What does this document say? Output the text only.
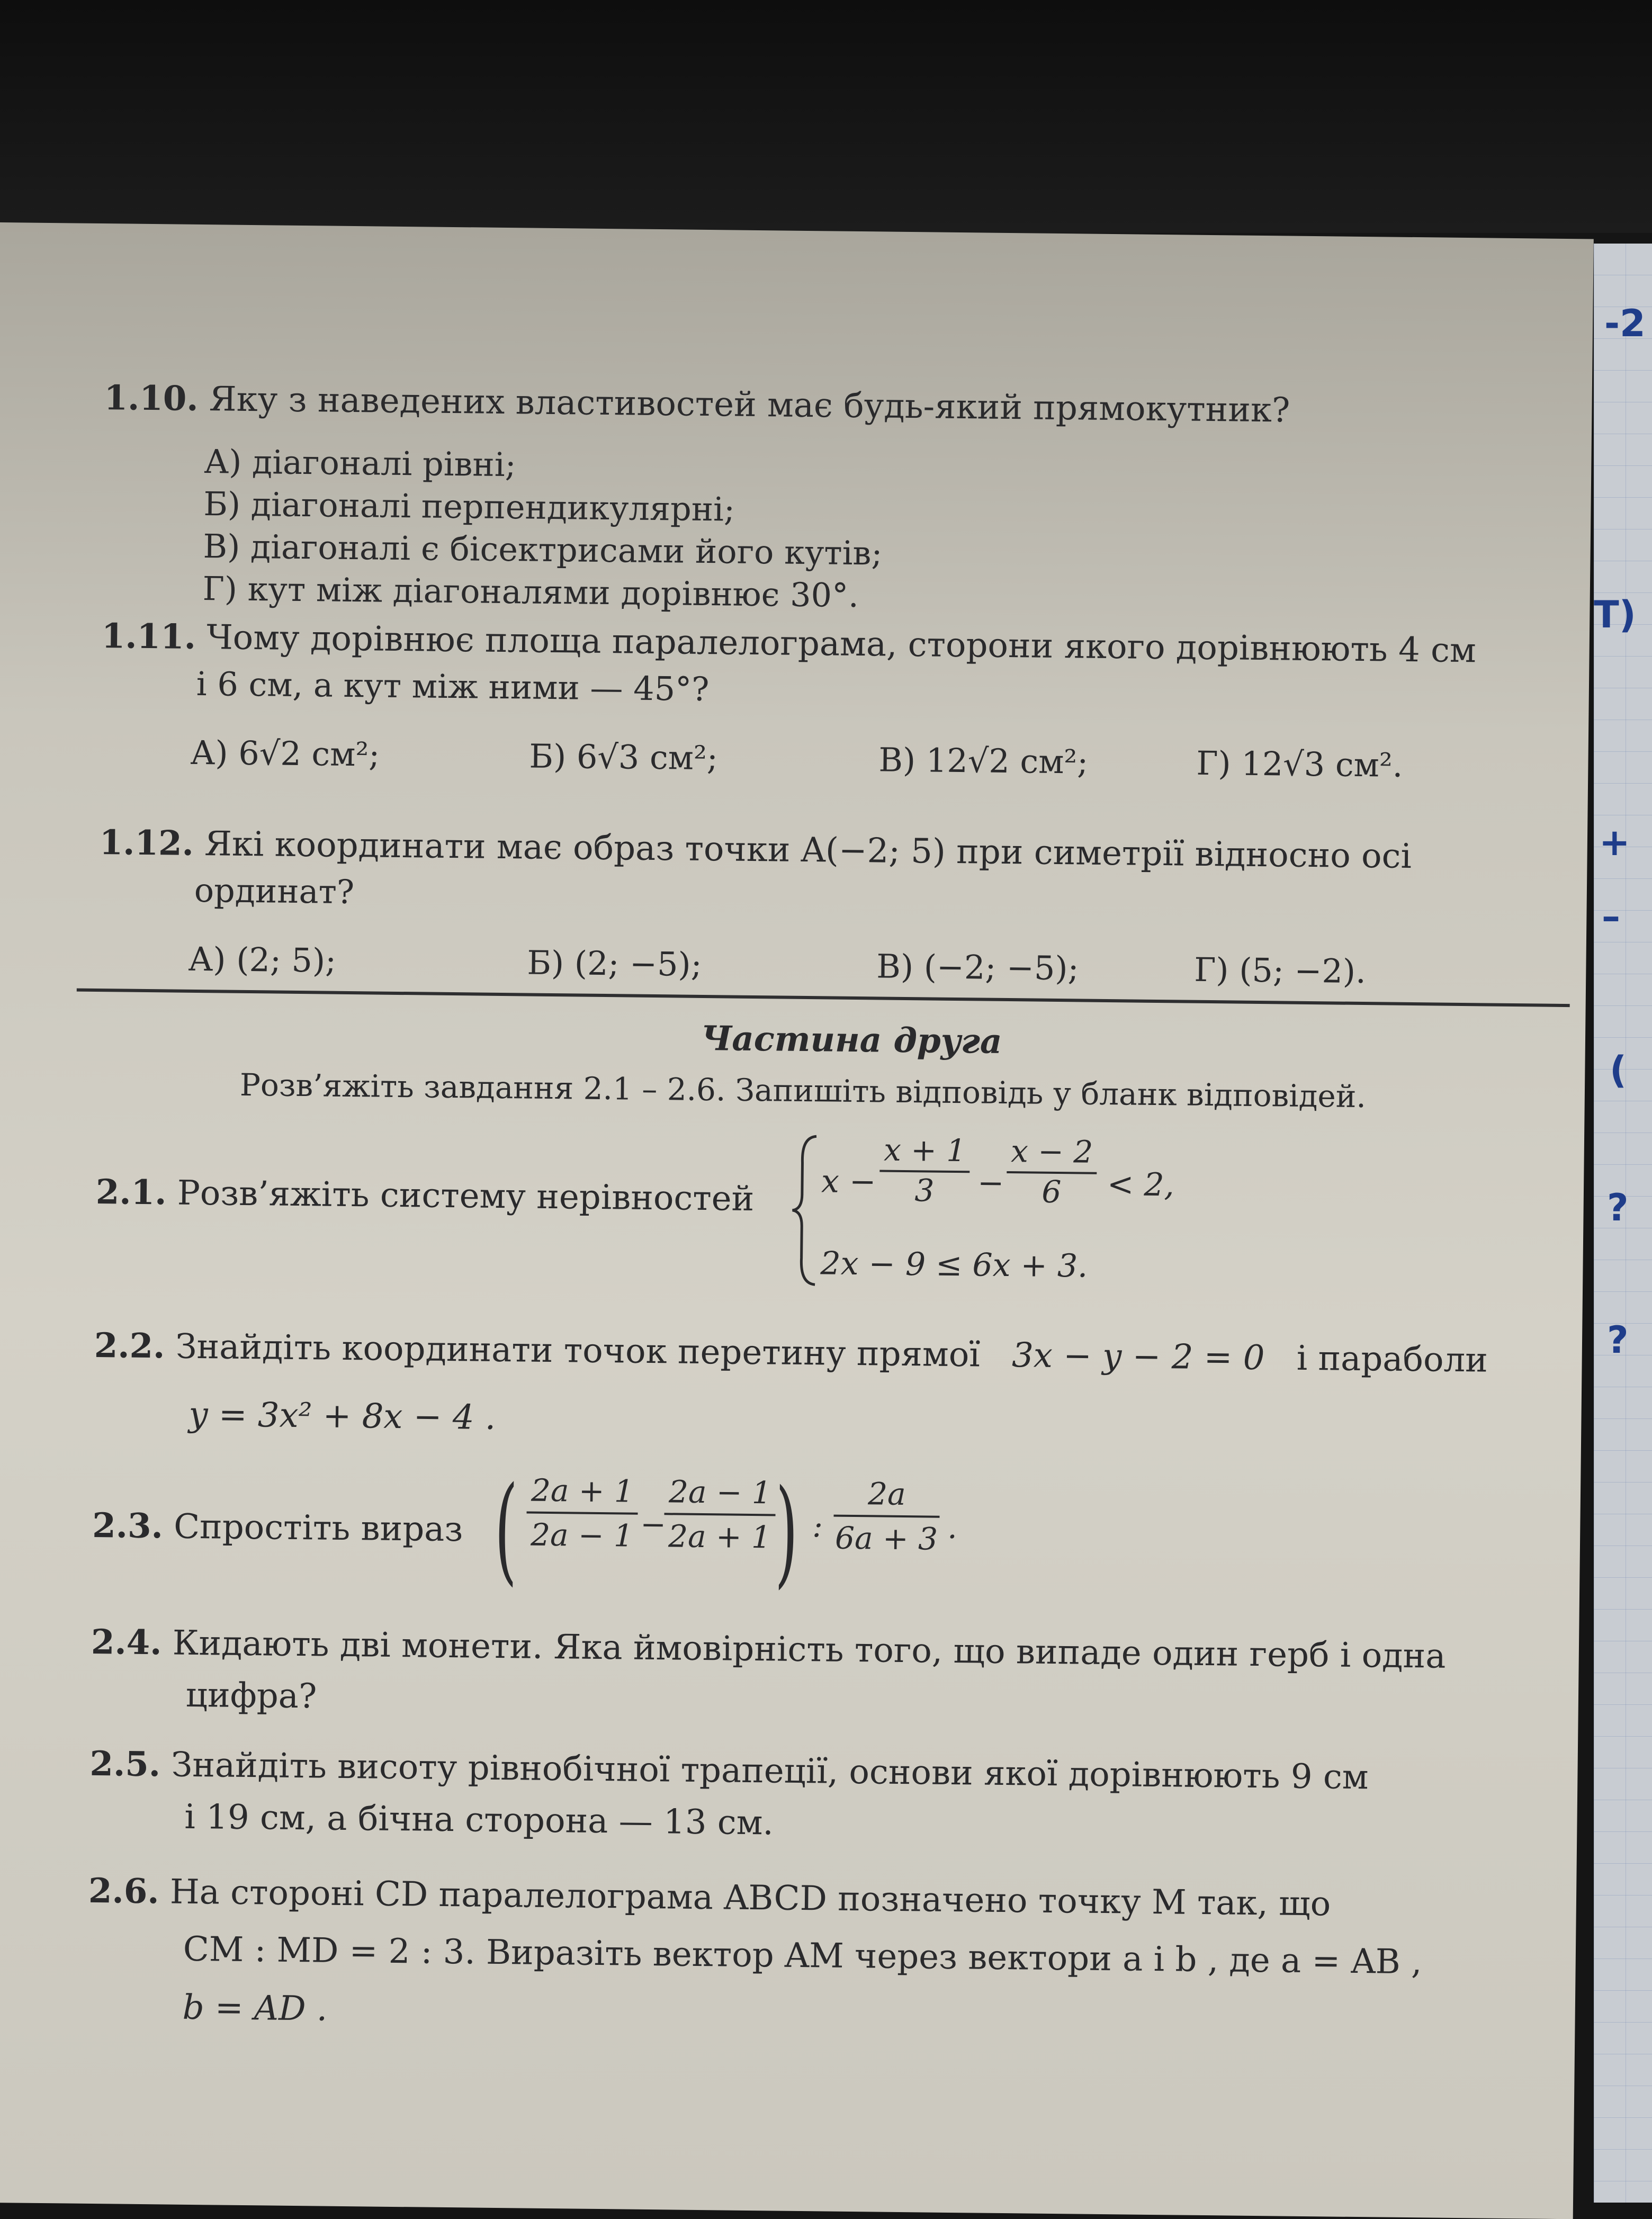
-2
Т)
+
–
(
?
?
1.10. Яку з наведених властивостей має будь-який прямокутник?
А) діагоналі рівні;
Б) діагоналі перпендикулярні;
В) діагоналі є бісектрисами його кутів;
Г) кут між діагоналями дорівнює 30°.
1.11. Чому дорівнює площа паралелограма, сторони якого дорівнюють 4 см
і 6 см, а кут між ними — 45°?
А) 6√2 см²;	Б) 6√3 см²;	В) 12√2 см²;	Г) 12√3 см².
1.12. Які координати має образ точки A(−2; 5) при симетрії відносно осі
ординат?
А) (2; 5);	Б) (2; −5);	В) (−2; −5);	Г) (5; −2).
Частина друга
Розв’яжіть завдання 2.1 – 2.6. Запишіть відповідь у бланк відповідей.
2.1. Розв’яжіть систему нерівностей x −
x + 1
3	−
x − 2
6	< 2,
2x − 9 ≤ 6x + 3.
2.2. Знайдіть координати точок перетину прямої 3x − y − 2 = 0 і параболи
y = 3x² + 8x − 4 .
2.3. Спростіть вираз ( 2a + 1
2a − 1 −
2a − 1
2a + 1 ) :
2a
6a + 3 .
2.4. Кидають дві монети. Яка ймовірність того, що випаде один герб і одна
цифра?
2.5. Знайдіть висоту рівнобічної трапеції, основи якої дорівнюють 9 см
і 19 см, а бічна сторона — 13 см.
2.6. На стороні CD паралелограма ABCD позначено точку M так, що
CM : MD = 2 : 3. Виразіть вектор AM через вектори a і b , де a = AB ,
b = AD .
